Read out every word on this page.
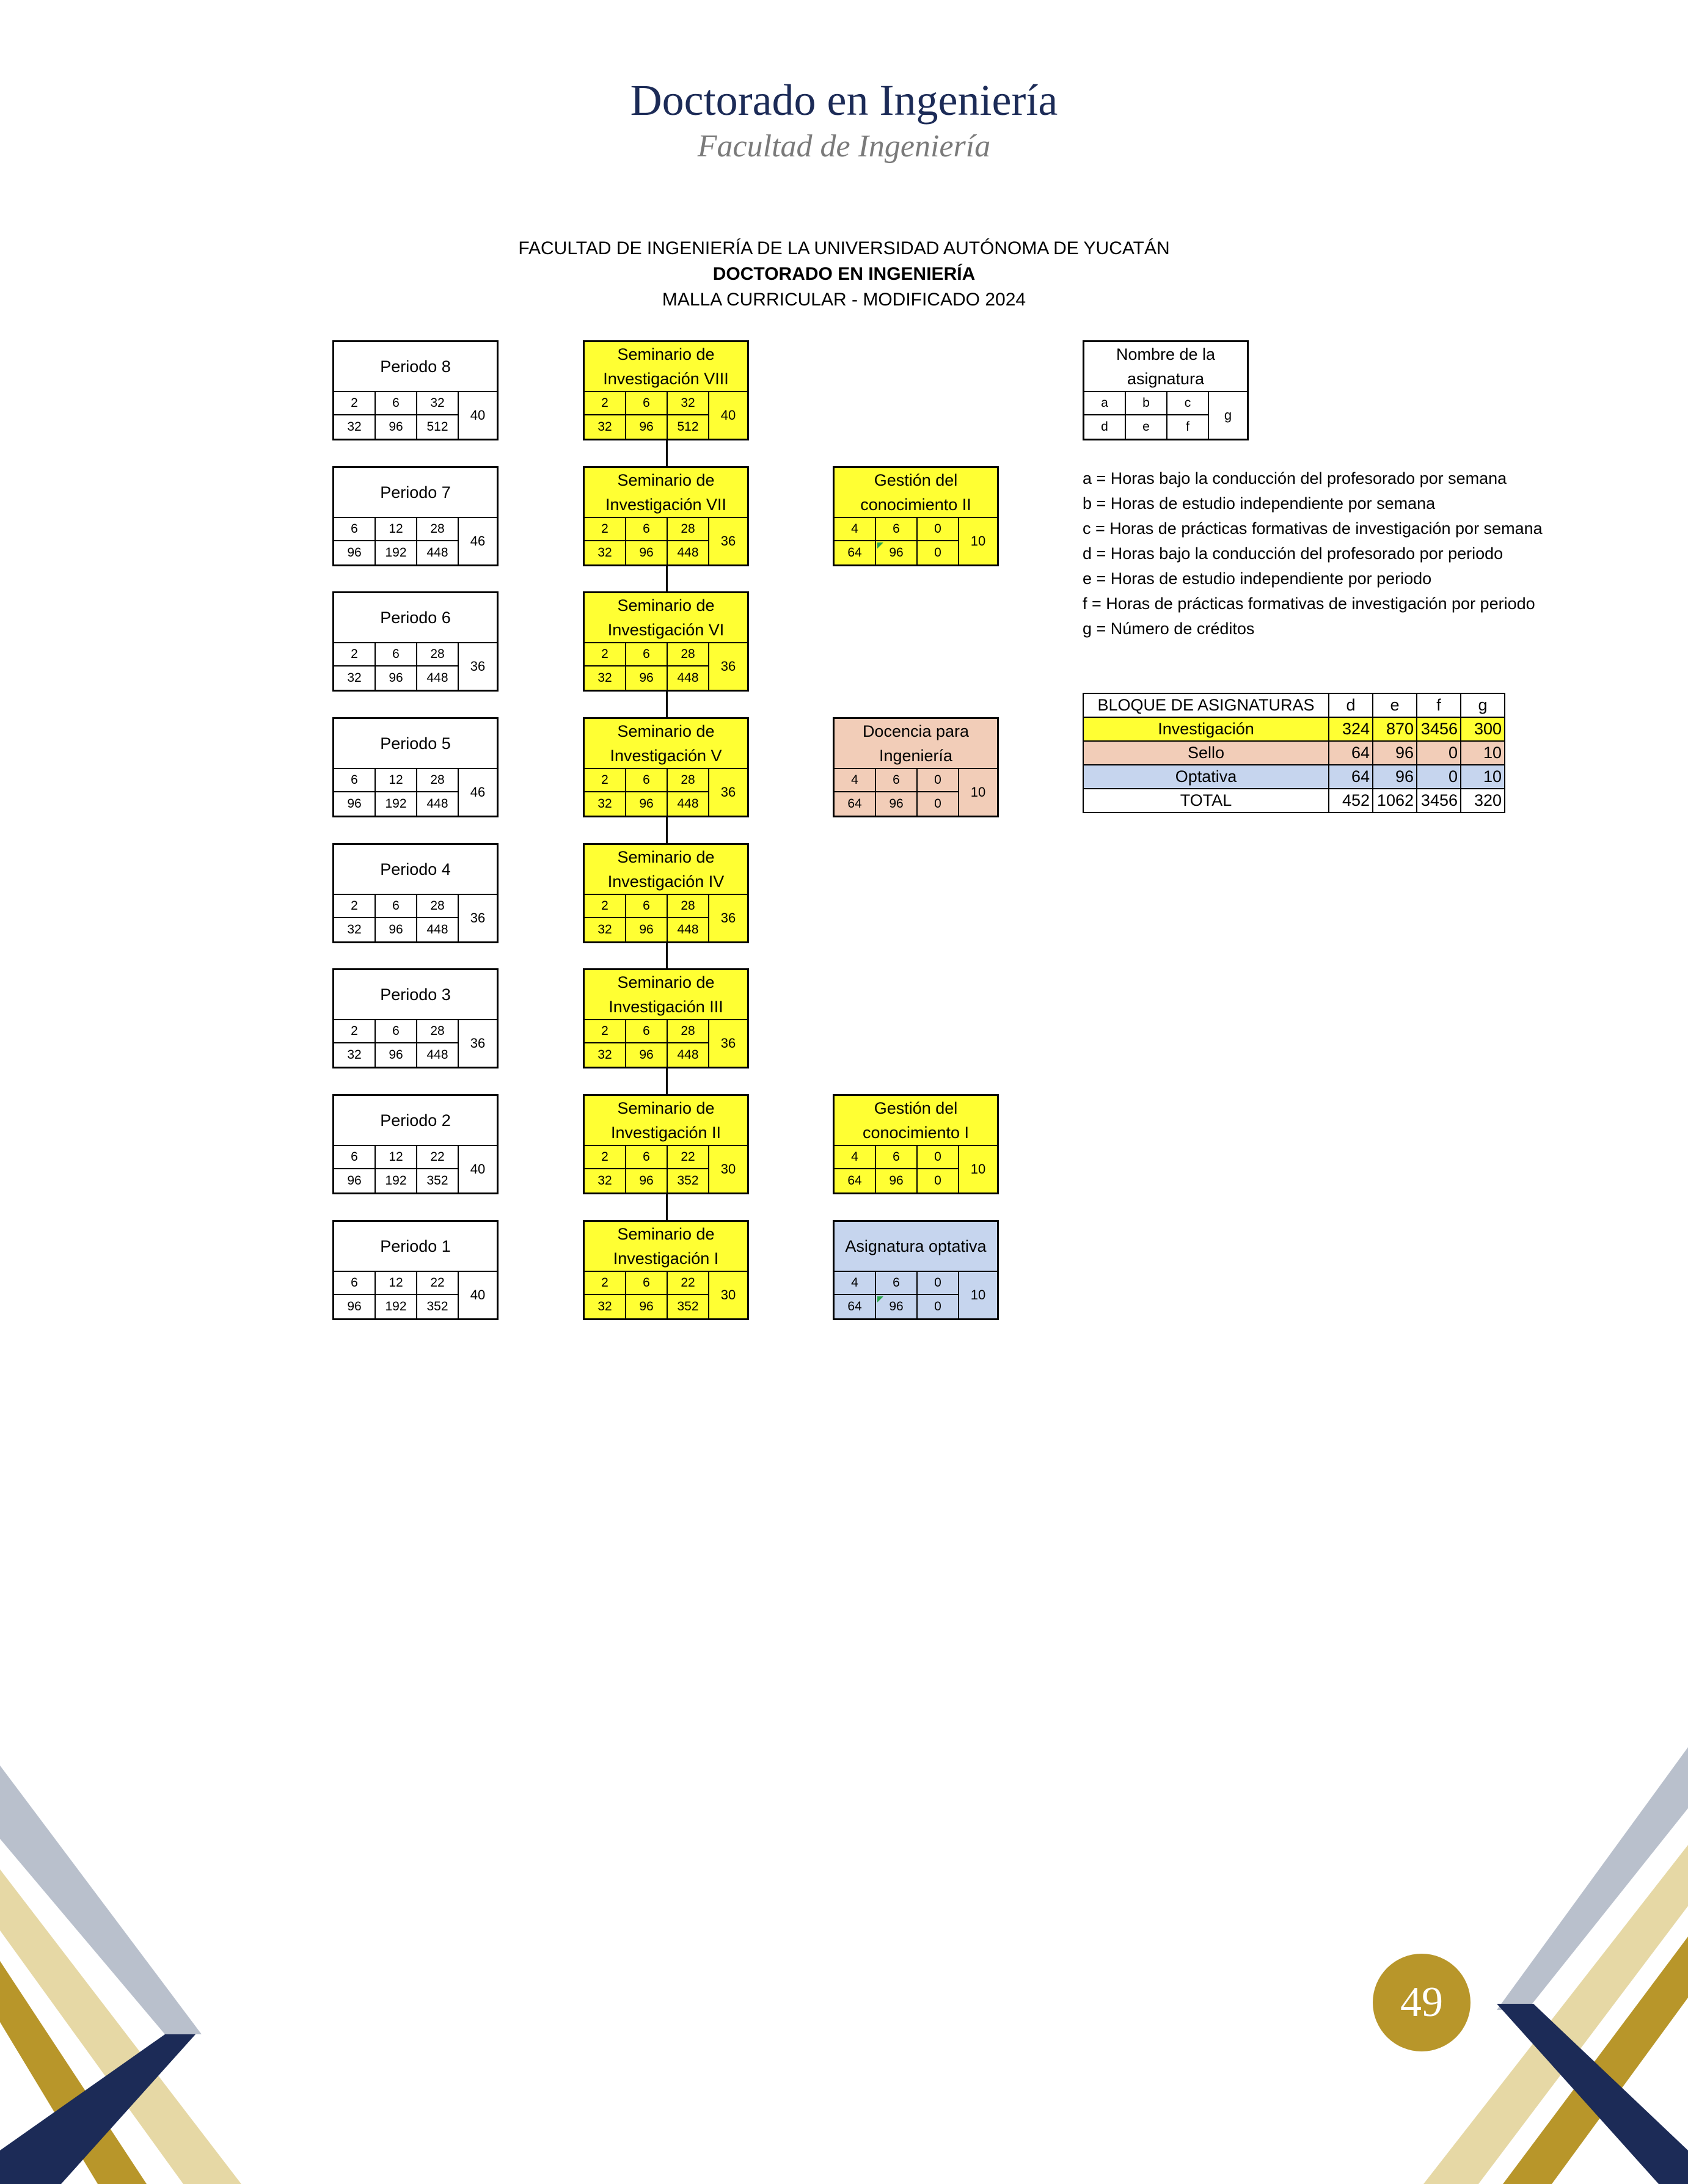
Doctorado en Ingeniería
Facultad de Ingeniería
FACULTAD DE INGENIERÍA DE LA UNIVERSIDAD AUTÓNOMA DE YUCATÁN
DOCTORADO EN INGENIERÍA
MALLA CURRICULAR - MODIFICADO 2024
Periodo 8
2	6	32
32	96	512
40
Periodo 7
6	12	28
96	192	448
46
Periodo 6
2	6	28
32	96	448
36
Periodo 5
6	12	28
96	192	448
46
Periodo 4
2	6	28
32	96	448
36
Periodo 3
2	6	28
32	96	448
36
Periodo 2
6	12	22
96	192	352
40
Periodo 1
6	12	22
96	192	352
40
Seminario de
Investigación VIII
2	6	32
32	96	512
40
Seminario de
Investigación VII
2	6	28
32	96	448
36
Seminario de
Investigación VI
2	6	28
32	96	448
36
Seminario de
Investigación V
2	6	28
32	96	448
36
Seminario de
Investigación IV
2	6	28
32	96	448
36
Seminario de
Investigación III
2	6	28
32	96	448
36
Seminario de
Investigación II
2	6	22
32	96	352
30
Seminario de
Investigación I
2	6	22
32	96	352
30
Gestión del
conocimiento II
4	6	0
64	96	0
10
Docencia para
Ingeniería
4	6	0
64	96	0
10
Gestión del
conocimiento I
4	6	0
64	96	0
10
Asignatura optativa
4	6	0
64	96	0
10
Nombre de la
asignatura
a	b	c
d	e	f
g
a = Horas bajo la conducción del profesorado por semana
b = Horas de estudio independiente por semana
c = Horas de prácticas formativas de investigación por semana
d = Horas bajo la conducción del profesorado por periodo
e = Horas de estudio independiente por periodo
f = Horas de prácticas formativas de investigación por periodo
g = Número de créditos
BLOQUE DE ASIGNATURAS	d	e	f	g
Investigación	324	870	3456	300
Sello	64	96	0	10
Optativa	64	96	0	10
TOTAL	452	1062	3456	320
49
